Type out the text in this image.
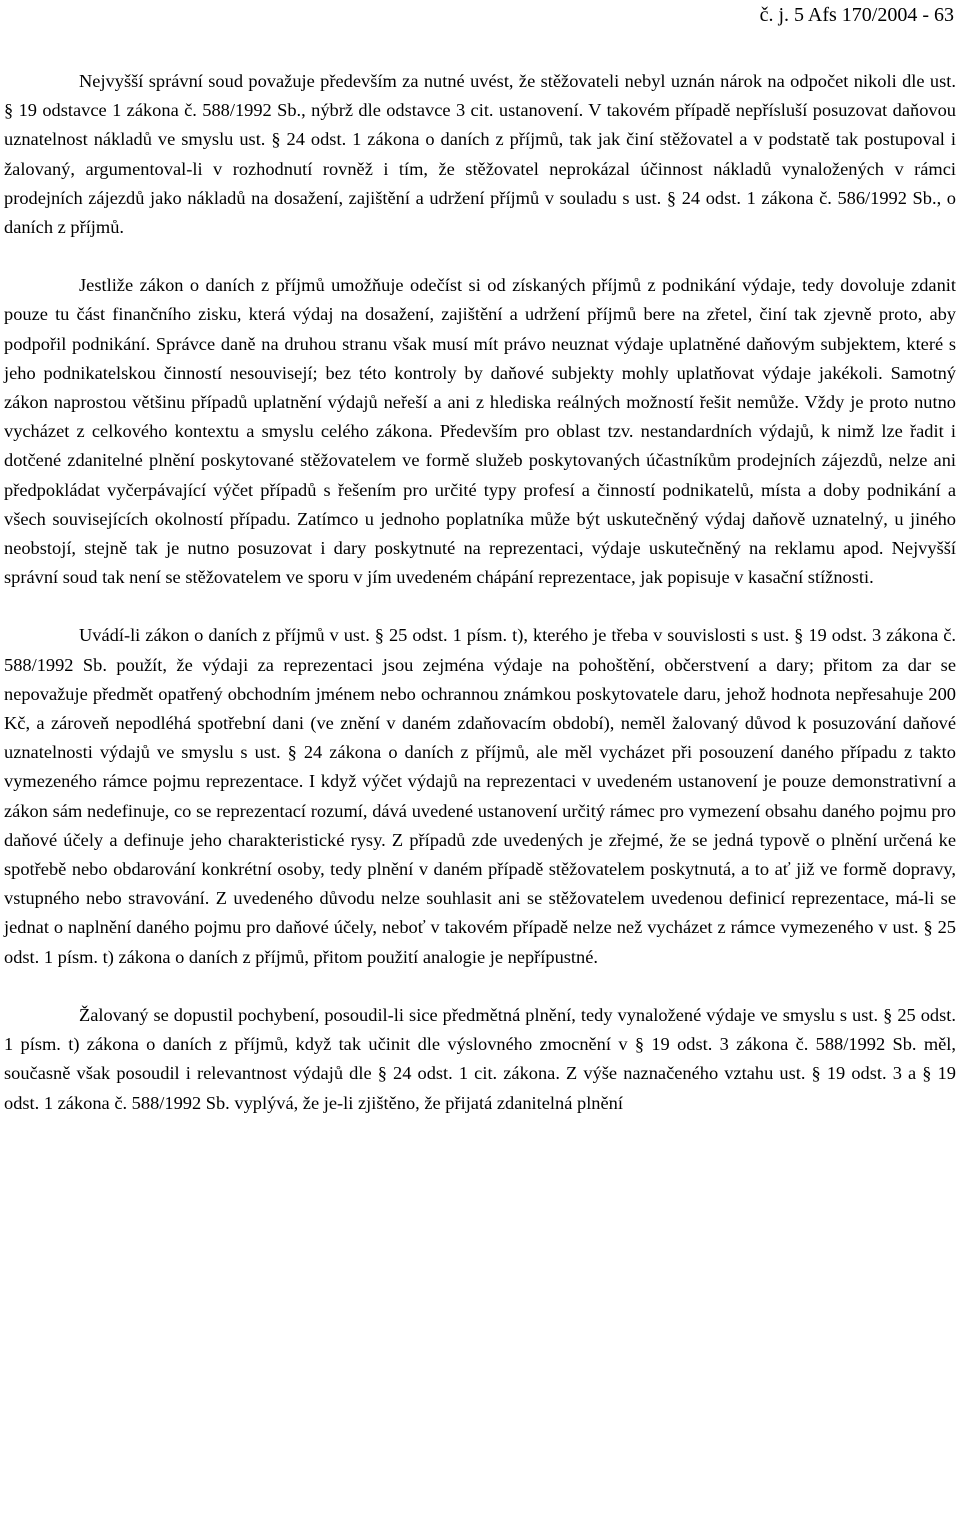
č. j. 5 Afs 170/2004 - 63

Nejvyšší správní soud považuje především za nutné uvést, že stěžovateli nebyl uznán nárok na odpočet nikoli dle ust. § 19 odstavce 1 zákona č. 588/1992 Sb., nýbrž dle odstavce 3 cit. ustanovení. V takovém případě nepřísluší posuzovat daňovou uznatelnost nákladů ve smyslu ust. § 24 odst. 1 zákona o daních z příjmů, tak jak činí stěžovatel a v podstatě tak postupoval i žalovaný, argumentoval-li v rozhodnutí rovněž i tím, že stěžovatel neprokázal účinnost nákladů vynaložených v rámci prodejních zájezdů jako nákladů na dosažení, zajištění a udržení příjmů v souladu s ust. § 24 odst. 1 zákona č. 586/1992 Sb., o daních z příjmů.

Jestliže zákon o daních z příjmů umožňuje odečíst si od získaných příjmů z podnikání výdaje, tedy dovoluje zdanit pouze tu část finančního zisku, která výdaj na dosažení, zajištění a udržení příjmů bere na zřetel, činí tak zjevně proto, aby podpořil podnikání. Správce daně na druhou stranu však musí mít právo neuznat výdaje uplatněné daňovým subjektem, které s jeho podnikatelskou činností nesouvisejí; bez této kontroly by daňové subjekty mohly uplatňovat výdaje jakékoli. Samotný zákon naprostou většinu případů uplatnění výdajů neřeší a ani z hlediska reálných možností řešit nemůže. Vždy je proto nutno vycházet z celkového kontextu a smyslu celého zákona. Především pro oblast tzv. nestandardních výdajů, k nimž lze řadit i dotčené zdanitelné plnění poskytované stěžovatelem ve formě služeb poskytovaných účastníkům prodejních zájezdů, nelze ani předpokládat vyčerpávající výčet případů s řešením pro určité typy profesí a činností podnikatelů, místa a doby podnikání a všech souvisejících okolností případu. Zatímco u jednoho poplatníka může být uskutečněný výdaj daňově uznatelný, u jiného neobstojí, stejně tak je nutno posuzovat i dary poskytnuté na reprezentaci, výdaje uskutečněný na reklamu apod. Nejvyšší správní soud tak není se stěžovatelem ve sporu v jím uvedeném chápání reprezentace, jak popisuje v kasační stížnosti.

Uvádí-li zákon o daních z příjmů v ust. § 25 odst. 1 písm. t), kterého je třeba v souvislosti s ust. § 19 odst. 3 zákona č. 588/1992 Sb. použít, že výdaji za reprezentaci jsou zejména výdaje na pohoštění, občerstvení a dary; přitom za dar se nepovažuje předmět opatřený obchodním jménem nebo ochrannou známkou poskytovatele daru, jehož hodnota nepřesahuje 200 Kč, a zároveň nepodléhá spotřební dani (ve znění v daném zdaňovacím období), neměl žalovaný důvod k posuzování daňové uznatelnosti výdajů ve smyslu s ust. § 24 zákona o daních z příjmů, ale měl vycházet při posouzení daného případu z takto vymezeného rámce pojmu reprezentace. I když výčet výdajů na reprezentaci v uvedeném ustanovení je pouze demonstrativní a zákon sám nedefinuje, co se reprezentací rozumí, dává uvedené ustanovení určitý rámec pro vymezení obsahu daného pojmu pro daňové účely a definuje jeho charakteristické rysy. Z případů zde uvedených je zřejmé, že se jedná typově o plnění určená ke spotřebě nebo obdarování konkrétní osoby, tedy plnění v daném případě stěžovatelem poskytnutá, a to ať již ve formě dopravy, vstupného nebo stravování. Z uvedeného důvodu nelze souhlasit ani se stěžovatelem uvedenou definicí reprezentace, má-li se jednat o naplnění daného pojmu pro daňové účely, neboť v takovém případě nelze než vycházet z rámce vymezeného v ust. § 25 odst. 1 písm. t) zákona o daních z příjmů, přitom použití analogie je nepřípustné.

Žalovaný se dopustil pochybení, posoudil-li sice předmětná plnění, tedy vynaložené výdaje ve smyslu s ust. § 25 odst. 1 písm. t) zákona o daních z příjmů, když tak učinit dle výslovného zmocnění v § 19 odst. 3 zákona č. 588/1992 Sb. měl, současně však posoudil i relevantnost výdajů dle § 24 odst. 1 cit. zákona. Z výše naznačeného vztahu ust. § 19 odst. 3 a § 19 odst. 1 zákona č. 588/1992 Sb. vyplývá, že je-li zjištěno, že přijatá zdanitelná plnění
